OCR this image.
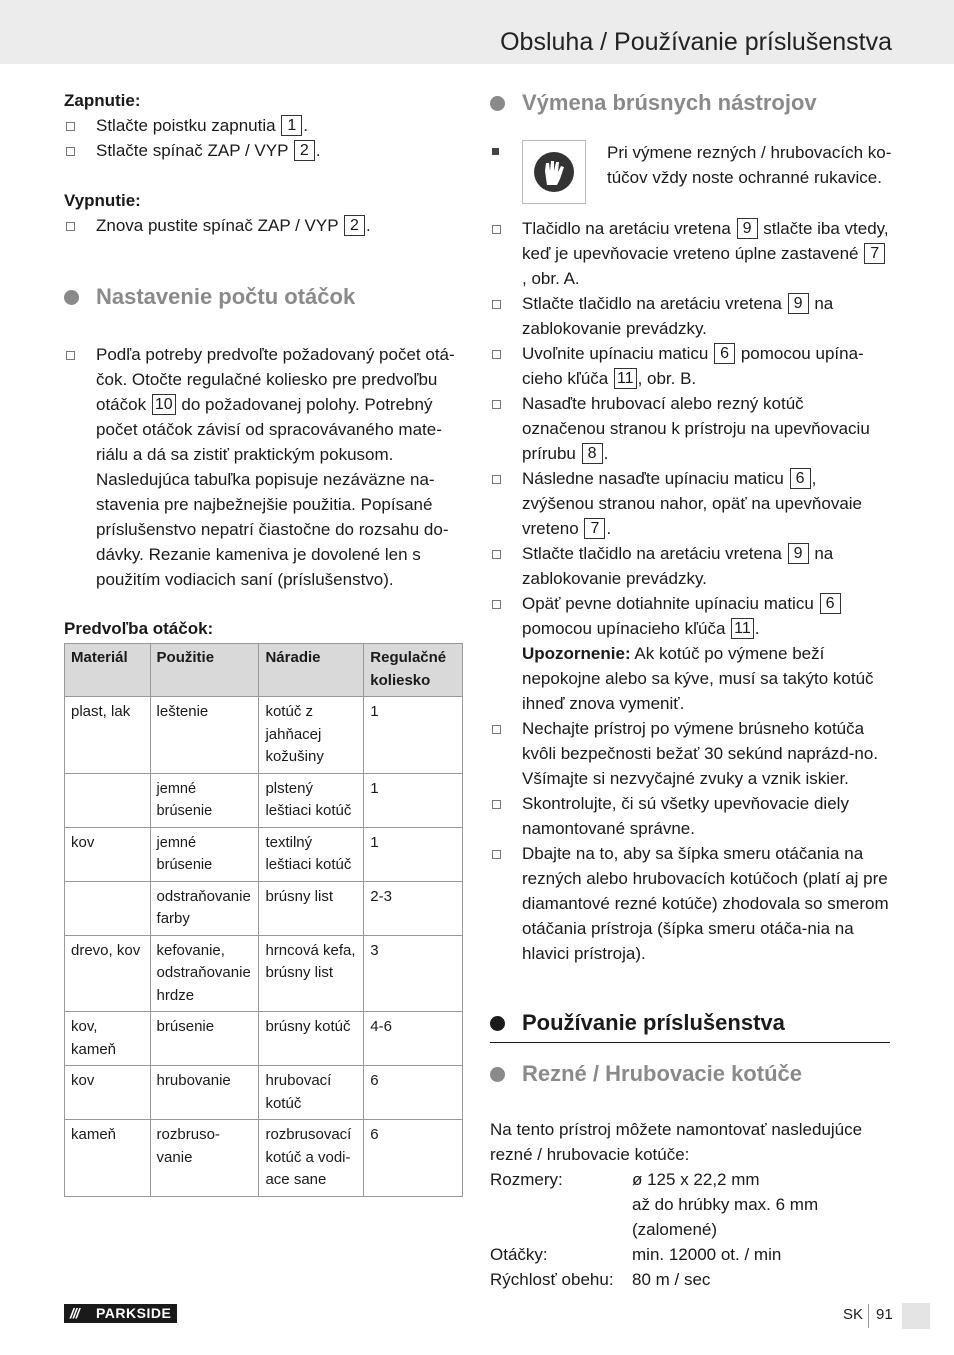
Obsluha / Používanie príslušenstva
Zapnutie:
Stlačte poistku zapnutia 1 .
Stlačte spínač ZAP / VYP 2 .
Vypnutie:
Znova pustite spínač ZAP / VYP 2 .
Nastavenie počtu otáčok
Podľa potreby predvoľte požadovaný počet otá-
čok. Otočte regulačné koliesko pre predvoľbu
otáčok 10 do požadovanej polohy. Potrebný
počet otáčok závisí od spracovávaného mate-
riálu a dá sa zistiť praktickým pokusom.
Nasledujúca tabuľka popisuje nezáväzne na-
stavenia pre najbežnejšie použitia. Popísané
príslušenstvo nepatrí čiastočne do rozsahu do-
dávky. Rezanie kameniva je dovolené len s
použitím vodiacich saní (príslušenstvo).
Predvoľba otáčok:
Materiál	Použitie	Náradie	Regulačné koliesko
plast, lak	leštenie	kotúč z jahňacej kožušiny	1
	jemné brúsenie	plstený leštiaci kotúč	1
kov	jemné brúsenie	textilný leštiaci kotúč	1
	odstraňovanie farby	brúsny list	2-3
drevo, kov	kefovanie, odstraňovanie hrdze	hrncová kefa, brúsny list	3
kov, kameň	brúsenie	brúsny kotúč	4-6
kov	hrubovanie	hrubovací kotúč	6
kameň	rozbruso-vanie	rozbrusovací kotúč a vodi-ace sane	6
Výmena brúsnych nástrojov
Pri výmene rezných / hrubovacích ko-túčov vždy noste ochranné rukavice.
Tlačidlo na aretáciu vretena 9 stlačte iba vtedy, keď je upevňovacie vreteno úplne zastavené 7, obr. A.
Stlačte tlačidlo na aretáciu vretena 9 na zablokovanie prevádzky.
Uvoľnite upínaciu maticu 6 pomocou upína-cieho kľúča 11 , obr. B.
Nasaďte hrubovací alebo rezný kotúč označenou stranou k prístroju na upevňovaciu prírubu 8 .
Následne nasaďte upínaciu maticu 6 , zvýšenou stranou nahor, opäť na upevňovaie vreteno 7 .
Stlačte tlačidlo na aretáciu vretena 9 na zablokovanie prevádzky.
Opäť pevne dotiahnite upínaciu maticu 6 pomocou upínacieho kľúča 11 .
Upozornenie: Ak kotúč po výmene beží nepokojne alebo sa kýve, musí sa takýto kotúč ihneď znova vymeniť.
Nechajte prístroj po výmene brúsneho kotúča kvôli bezpečnosti bežať 30 sekúnd naprázd-no. Všímajte si nezvyčajné zvuky a vznik iskier.
Skontrolujte, či sú všetky upevňovacie diely namontované správne.
Dbajte na to, aby sa šípka smeru otáčania na rezných alebo hrubovacích kotúčoch (platí aj pre diamantové rezné kotúče) zhodovala so smerom otáčania prístroja (šípka smeru otáča-nia na hlavici prístroja).
Používanie príslušenstva
Rezné / Hrubovacie kotúče
Na tento prístroj môžete namontovať nasledujúce rezné / hrubovacie kotúče:
Rozmery:	ø 125 x 22,2 mm
až do hrúbky max. 6 mm
(zalomené)
Otáčky:	min. 12000 ot. / min
Rýchlosť obehu:	80 m / sec
/// PARKSIDE	SK 91
